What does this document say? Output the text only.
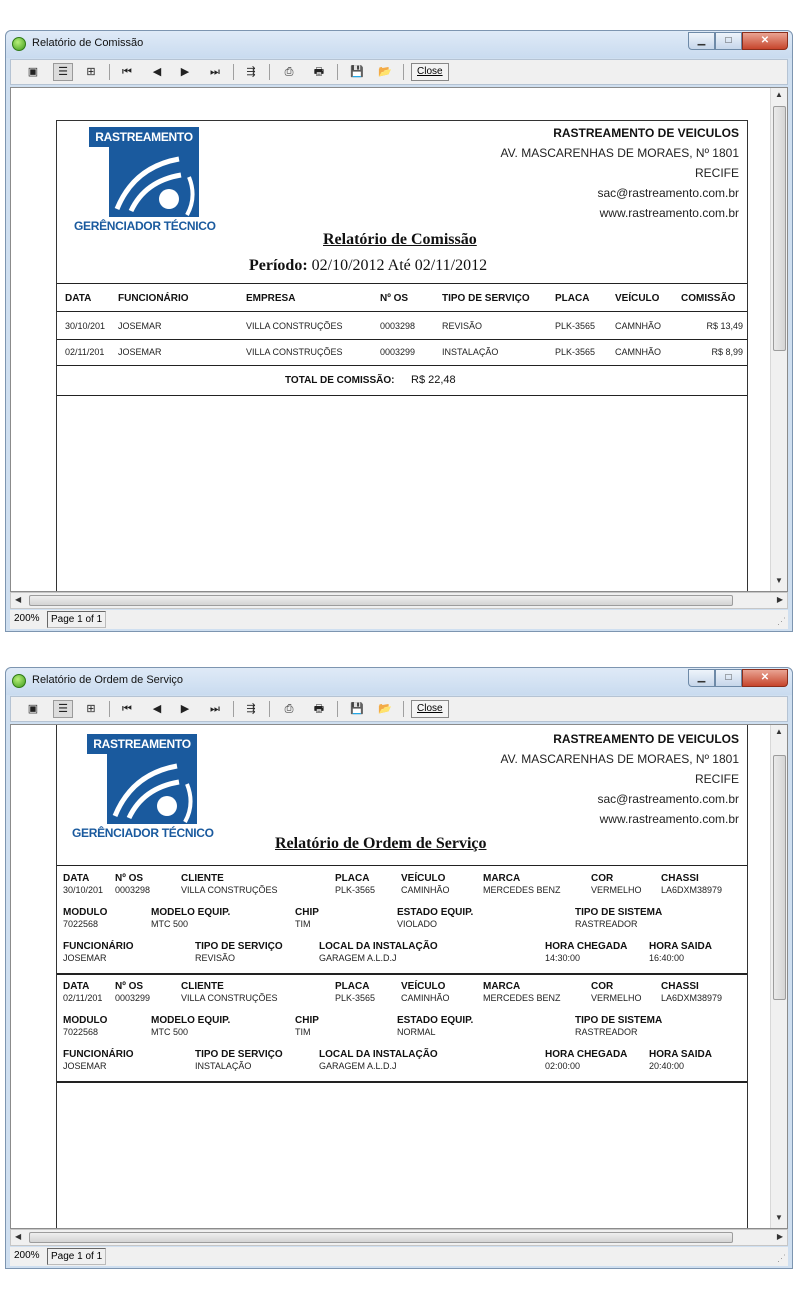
Relatório de Comissão	▁	□	✕
▣	☰	⊞	⏮	◀	▶	⏭	⇶	⎙	🖶	💾 📂	Close
RASTREAMENTO
GERÊNCIADOR TÉCNICO
RASTREAMENTO DE VEICULOS
AV. MASCARENHAS DE MORAES, Nº 1801
RECIFE
sac@rastreamento.com.br
www.rastreamento.com.br
Relatório de Comissão
Período: 02/10/2012 Até 02/11/2012
DATA	FUNCIONÁRIO	EMPRESA	Nº OS	TIPO DE SERVIÇO	PLACA	VEÍCULO COMISSÃO
30/10/201 JOSEMAR	VILLA CONSTRUÇÕES	0003298	REVISÃO	PLK-3565 CAMNHÃO	R$ 13,49
02/11/201 JOSEMAR	VILLA CONSTRUÇÕES	0003299	INSTALAÇÃO	PLK-3565 CAMNHÃO	R$ 8,99
TOTAL DE COMISSÃO: R$ 22,48
▲
▼
◀	▶
200%	Page 1 of 1	⋰
Relatório de Ordem de Serviço	▁	□	✕
▣	☰	⊞	⏮	◀	▶	⏭	⇶	⎙	🖶	💾 📂	Close
RASTREAMENTO
GERÊNCIADOR TÉCNICO
RASTREAMENTO DE VEICULOS
AV. MASCARENHAS DE MORAES, Nº 1801
RECIFE
sac@rastreamento.com.br
www.rastreamento.com.br
Relatório de Ordem de Serviço
DATA	Nº OS	CLIENTE	PLACA	VEÍCULO	MARCA	COR	CHASSI
30/10/201 0003298	VILLA CONSTRUÇÕES	PLK-3565	CAMINHÃO	MERCEDES BENZ	VERMELHO LA6DXM38979
MODULO	MODELO EQUIP.	CHIP	ESTADO EQUIP.	TIPO DE SISTEMA
7022568	MTC 500	TIM	VIOLADO	RASTREADOR
FUNCIONÁRIO	TIPO DE SERVIÇO	LOCAL DA INSTALAÇÃO	HORA CHEGADA HORA SAIDA
JOSEMAR	REVISÃO	GARAGEM A.L.D.J	14:30:00	16:40:00
DATA	Nº OS	CLIENTE	PLACA	VEÍCULO	MARCA	COR	CHASSI
02/11/201 0003299	VILLA CONSTRUÇÕES	PLK-3565	CAMINHÃO	MERCEDES BENZ	VERMELHO LA6DXM38979
MODULO	MODELO EQUIP.	CHIP	ESTADO EQUIP.	TIPO DE SISTEMA
7022568	MTC 500	TIM	NORMAL	RASTREADOR
FUNCIONÁRIO	TIPO DE SERVIÇO	LOCAL DA INSTALAÇÃO	HORA CHEGADA HORA SAIDA
JOSEMAR	INSTALAÇÃO	GARAGEM A.L.D.J	02:00:00	20:40:00
▲
▼
◀	▶
200%	Page 1 of 1	⋰
